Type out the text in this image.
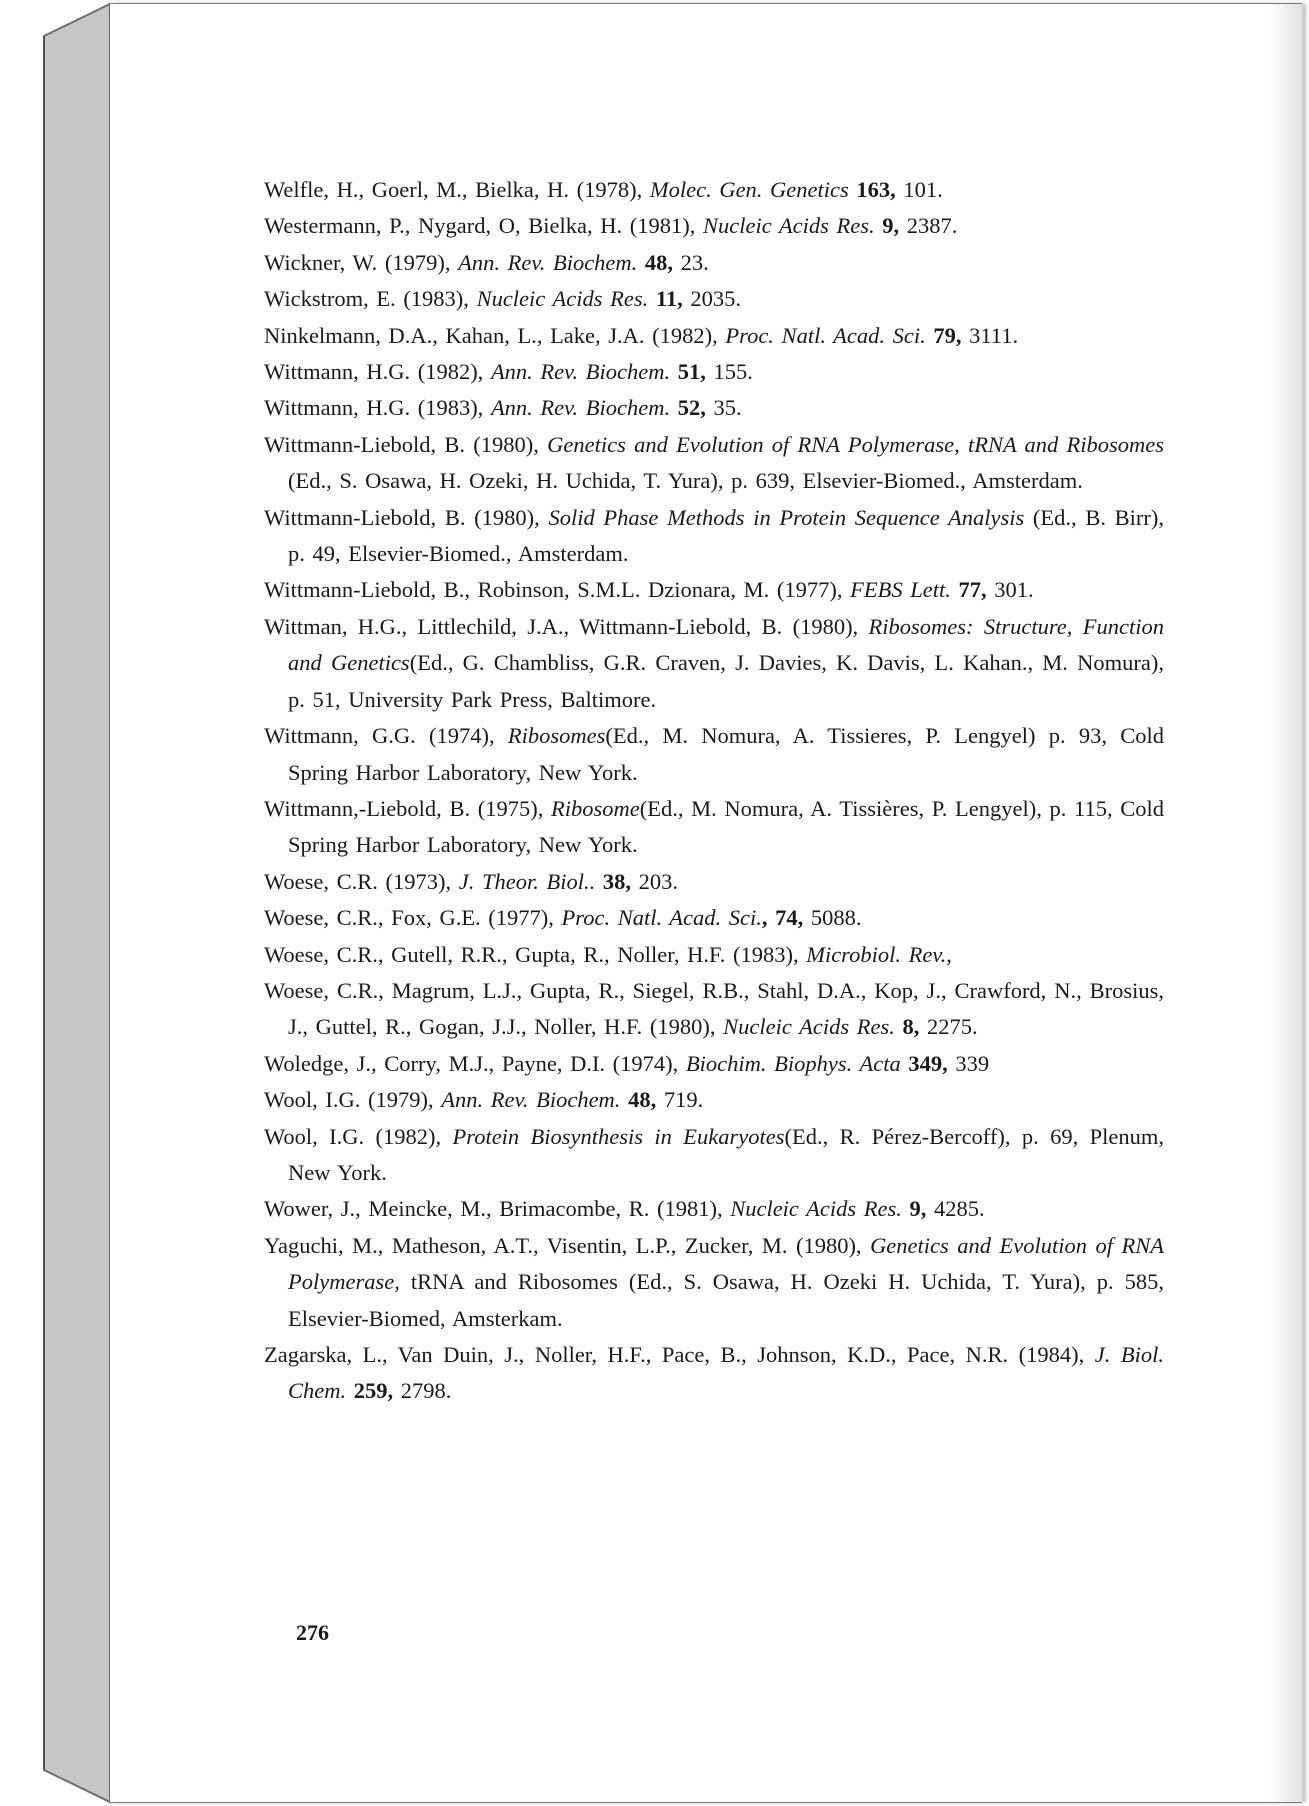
Welfle, H., Goerl, M., Bielka, H. (1978), Molec. Gen. Genetics 163, 101.
Westermann, P., Nygard, O, Bielka, H. (1981), Nucleic Acids Res. 9, 2387.
Wickner, W. (1979), Ann. Rev. Biochem. 48, 23.
Wickstrom, E. (1983), Nucleic Acids Res. 11, 2035.
Ninkelmann, D.A., Kahan, L., Lake, J.A. (1982), Proc. Natl. Acad. Sci. 79, 3111.
Wittmann, H.G. (1982), Ann. Rev. Biochem. 51, 155.
Wittmann, H.G. (1983), Ann. Rev. Biochem. 52, 35.
Wittmann-Liebold, B. (1980), Genetics and Evolution of RNA Polymerase, tRNA and Ribosomes (Ed., S. Osawa, H. Ozeki, H. Uchida, T. Yura), p. 639, Elsevier-Biomed., Amsterdam.
Wittmann-Liebold, B. (1980), Solid Phase Methods in Protein Sequence Analysis (Ed., B. Birr), p. 49, Elsevier-Biomed., Amsterdam.
Wittmann-Liebold, B., Robinson, S.M.L. Dzionara, M. (1977), FEBS Lett. 77, 301.
Wittman, H.G., Littlechild, J.A., Wittmann-Liebold, B. (1980), Ribosomes: Structure, Function and Genetics(Ed., G. Chambliss, G.R. Craven, J. Davies, K. Davis, L. Kahan., M. Nomura), p. 51, University Park Press, Baltimore.
Wittmann, G.G. (1974), Ribosomes(Ed., M. Nomura, A. Tissieres, P. Lengyel) p. 93, Cold Spring Harbor Laboratory, New York.
Wittmann,-Liebold, B. (1975), Ribosome(Ed., M. Nomura, A. Tissières, P. Lengyel), p. 115, Cold Spring Harbor Laboratory, New York.
Woese, C.R. (1973), J. Theor. Biol.. 38, 203.
Woese, C.R., Fox, G.E. (1977), Proc. Natl. Acad. Sci., 74, 5088.
Woese, C.R., Gutell, R.R., Gupta, R., Noller, H.F. (1983), Microbiol. Rev.,
Woese, C.R., Magrum, L.J., Gupta, R., Siegel, R.B., Stahl, D.A., Kop, J., Crawford, N., Brosius, J., Guttel, R., Gogan, J.J., Noller, H.F. (1980), Nucleic Acids Res. 8, 2275.
Woledge, J., Corry, M.J., Payne, D.I. (1974), Biochim. Biophys. Acta 349, 339
Wool, I.G. (1979), Ann. Rev. Biochem. 48, 719.
Wool, I.G. (1982), Protein Biosynthesis in Eukaryotes(Ed., R. Pérez-Bercoff), p. 69, Plenum, New York.
Wower, J., Meincke, M., Brimacombe, R. (1981), Nucleic Acids Res. 9, 4285.
Yaguchi, M., Matheson, A.T., Visentin, L.P., Zucker, M. (1980), Genetics and Evolution of RNA Polymerase, tRNA and Ribosomes (Ed., S. Osawa, H. Ozeki H. Uchida, T. Yura), p. 585, Elsevier-Biomed, Amsterkam.
Zagarska, L., Van Duin, J., Noller, H.F., Pace, B., Johnson, K.D., Pace, N.R. (1984), J. Biol. Chem. 259, 2798.
276
